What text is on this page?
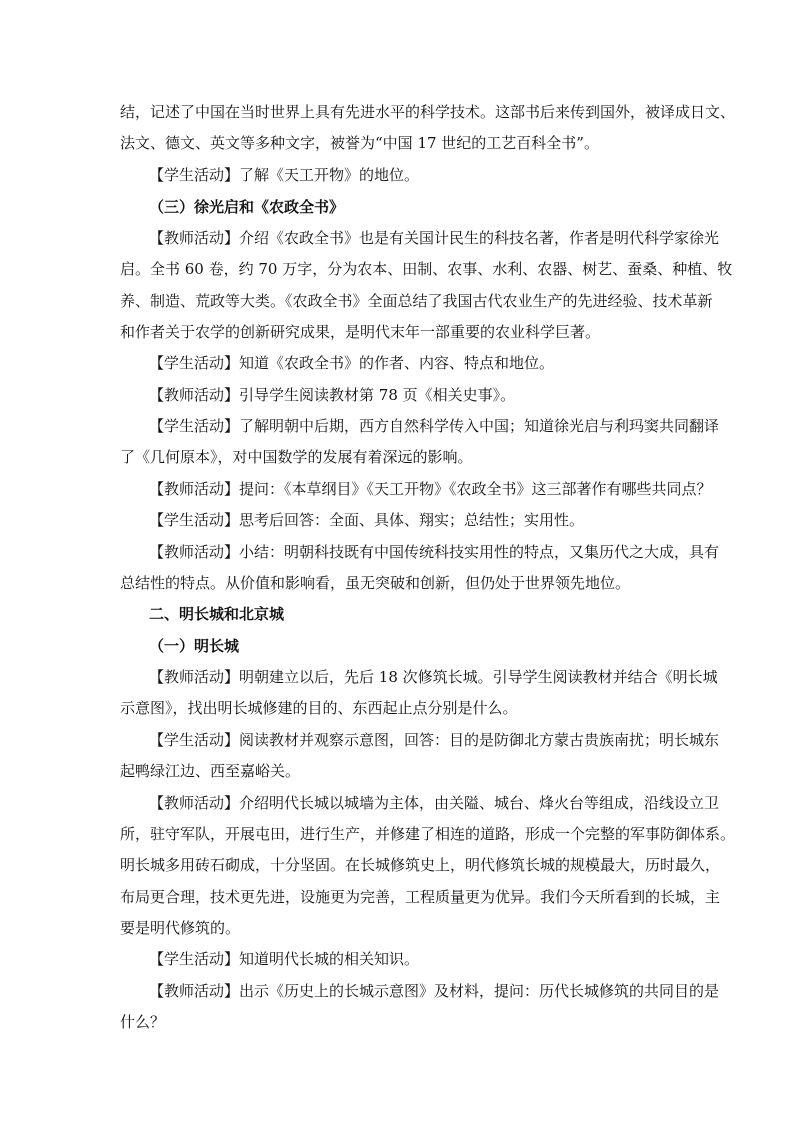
结，记述了中国在当时世界上具有先进水平的科学技术。这部书后来传到国外，被译成日文、
法文、德文、英文等多种文字，被誉为“中国 17 世纪的工艺百科全书”。
【学生活动】了解《天工开物》的地位。
（三）徐光启和《农政全书》
【教师活动】介绍《农政全书》也是有关国计民生的科技名著，作者是明代科学家徐光
启。全书 60 卷，约 70 万字，分为农本、田制、农事、水利、农器、树艺、蚕桑、种植、牧
养、制造、荒政等大类。《农政全书》全面总结了我国古代农业生产的先进经验、技术革新
和作者关于农学的创新研究成果，是明代末年一部重要的农业科学巨著。
【学生活动】知道《农政全书》的作者、内容、特点和地位。
【教师活动】引导学生阅读教材第 78 页《相关史事》。
【学生活动】了解明朝中后期，西方自然科学传入中国；知道徐光启与利玛窦共同翻译
了《几何原本》，对中国数学的发展有着深远的影响。
【教师活动】提问：《本草纲目》《天工开物》《农政全书》这三部著作有哪些共同点？
【学生活动】思考后回答：全面、具体、翔实；总结性；实用性。
【教师活动】小结：明朝科技既有中国传统科技实用性的特点，又集历代之大成，具有
总结性的特点。从价值和影响看，虽无突破和创新，但仍处于世界领先地位。
二、明长城和北京城
（一）明长城
【教师活动】明朝建立以后，先后 18 次修筑长城。引导学生阅读教材并结合《明长城
示意图》，找出明长城修建的目的、东西起止点分别是什么。
【学生活动】阅读教材并观察示意图，回答：目的是防御北方蒙古贵族南扰；明长城东
起鸭绿江边、西至嘉峪关。
【教师活动】介绍明代长城以城墙为主体，由关隘、城台、烽火台等组成，沿线设立卫
所，驻守军队，开展屯田，进行生产，并修建了相连的道路，形成一个完整的军事防御体系。
明长城多用砖石砌成，十分坚固。在长城修筑史上，明代修筑长城的规模最大，历时最久，
布局更合理，技术更先进，设施更为完善，工程质量更为优异。我们今天所看到的长城，主
要是明代修筑的。
【学生活动】知道明代长城的相关知识。
【教师活动】出示《历史上的长城示意图》及材料，提问：历代长城修筑的共同目的是
什么？
